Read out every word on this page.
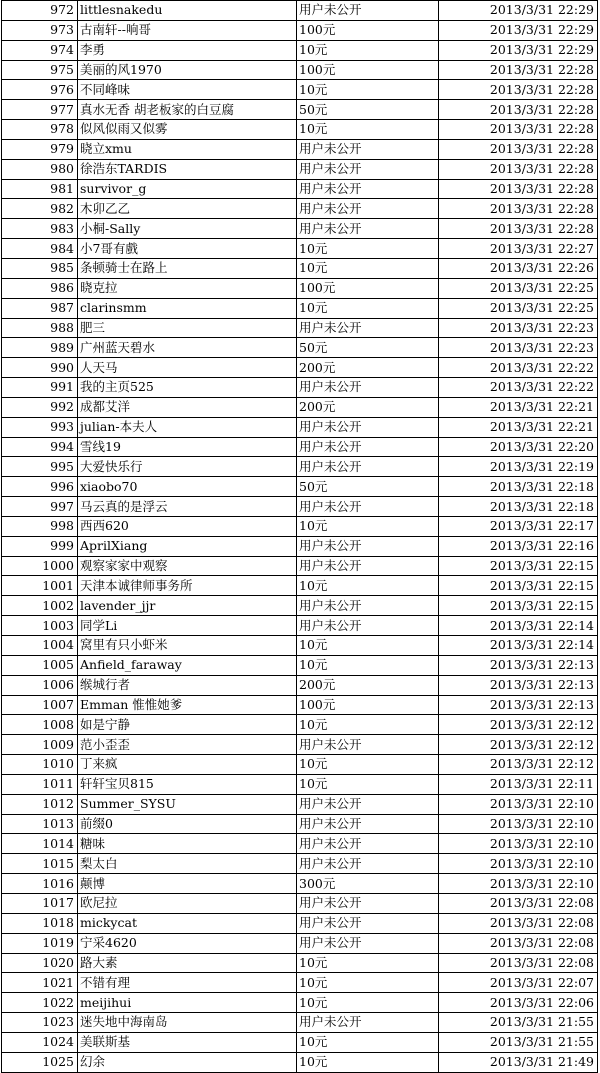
972	littlesnakedu	用户未公开	2013/3/31 22:29
973	古南轩--响哥	100元	2013/3/31 22:29
974	李勇	10元	2013/3/31 22:29
975	美丽的风1970	100元	2013/3/31 22:28
976	不同峰味	10元	2013/3/31 22:28
977	真水无香 胡老板家的白豆腐	50元	2013/3/31 22:28
978	似风似雨又似雾	10元	2013/3/31 22:28
979	晓立xmu	用户未公开	2013/3/31 22:28
980	徐浩东TARDIS	用户未公开	2013/3/31 22:28
981	survivor_g	用户未公开	2013/3/31 22:28
982	木卯乙乙	用户未公开	2013/3/31 22:28
983	小桐-Sally	用户未公开	2013/3/31 22:28
984	小7哥有戲	10元	2013/3/31 22:27
985	条顿骑士在路上	10元	2013/3/31 22:26
986	晓克拉	100元	2013/3/31 22:25
987	clarinsmm	10元	2013/3/31 22:25
988	肥三	用户未公开	2013/3/31 22:23
989	广州蓝天碧水	50元	2013/3/31 22:23
990	人天马	200元	2013/3/31 22:22
991	我的主页525	用户未公开	2013/3/31 22:22
992	成都艾洋	200元	2013/3/31 22:21
993	julian-本夫人	用户未公开	2013/3/31 22:21
994	雪线19	用户未公开	2013/3/31 22:20
995	大爱快乐行	用户未公开	2013/3/31 22:19
996	xiaobo70	50元	2013/3/31 22:18
997	马云真的是浮云	用户未公开	2013/3/31 22:18
998	西西620	10元	2013/3/31 22:17
999	AprilXiang	用户未公开	2013/3/31 22:16
1000	观察家家中观察	用户未公开	2013/3/31 22:15
1001	天津本诚律师事务所	10元	2013/3/31 22:15
1002	lavender_jjr	用户未公开	2013/3/31 22:15
1003	同学Li	用户未公开	2013/3/31 22:14
1004	窝里有只小虾米	10元	2013/3/31 22:14
1005	Anfield_faraway	10元	2013/3/31 22:13
1006	缑城行者	200元	2013/3/31 22:13
1007	Emman 惟惟她爹	100元	2013/3/31 22:13
1008	如是宁静	10元	2013/3/31 22:12
1009	范小歪歪	用户未公开	2013/3/31 22:12
1010	丁来疯	10元	2013/3/31 22:12
1011	轩轩宝贝815	10元	2013/3/31 22:11
1012	Summer_SYSU	用户未公开	2013/3/31 22:10
1013	前缀0	用户未公开	2013/3/31 22:10
1014	糖味	用户未公开	2013/3/31 22:10
1015	梨太白	用户未公开	2013/3/31 22:10
1016	颠博	300元	2013/3/31 22:10
1017	欧尼拉	用户未公开	2013/3/31 22:08
1018	mickycat	用户未公开	2013/3/31 22:08
1019	宁采4620	用户未公开	2013/3/31 22:08
1020	路大素	10元	2013/3/31 22:08
1021	不错有理	10元	2013/3/31 22:07
1022	meijihui	10元	2013/3/31 22:06
1023	迷失地中海南岛	用户未公开	2013/3/31 21:55
1024	美联斯基	10元	2013/3/31 21:55
1025	幻余	10元	2013/3/31 21:49
